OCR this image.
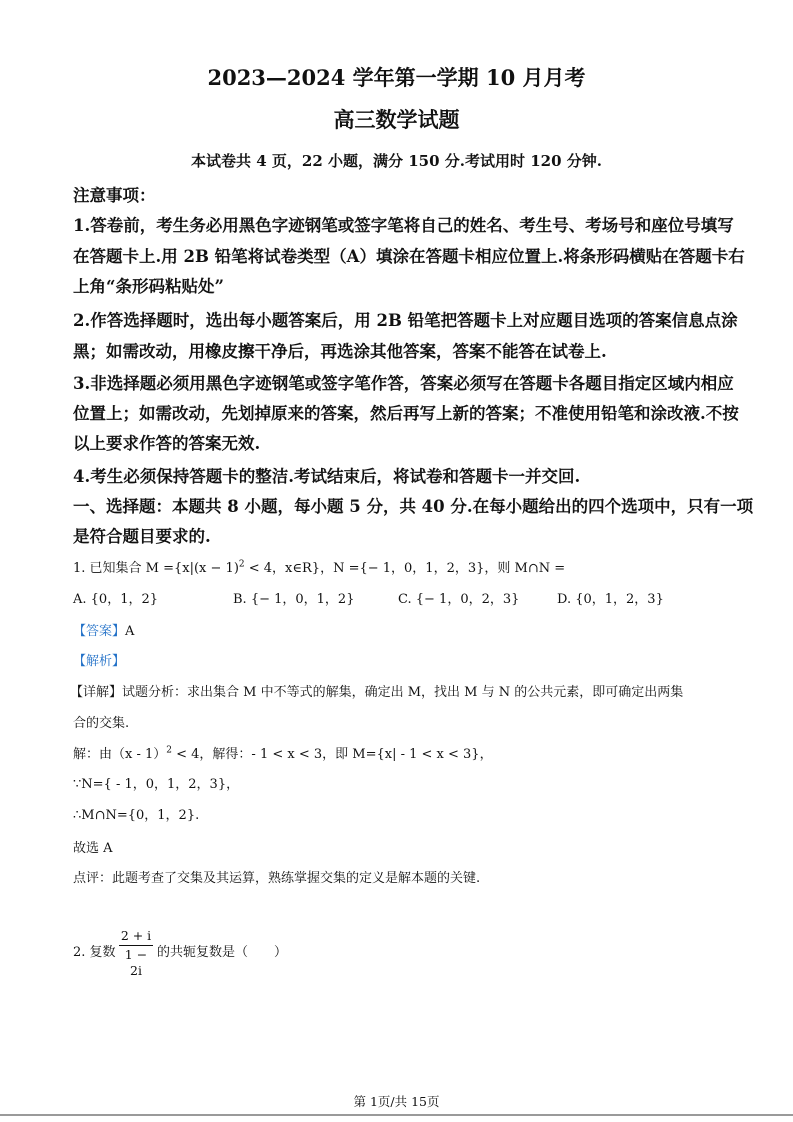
2023—2024 学年第一学期 10 月月考
高三数学试题
本试卷共 4 页，22 小题，满分 150 分.考试用时 120 分钟.
注意事项：
1.答卷前，考生务必用黑色字迹钢笔或签字笔将自己的姓名、考生号、考场号和座位号填写
在答题卡上.用 2B 铅笔将试卷类型（A）填涂在答题卡相应位置上.将条形码横贴在答题卡右
上角“条形码粘贴处”
2.作答选择题时，选出每小题答案后，用 2B 铅笔把答题卡上对应题目选项的答案信息点涂
黑；如需改动，用橡皮擦干净后，再选涂其他答案，答案不能答在试卷上.
3.非选择题必须用黑色字迹钢笔或签字笔作答，答案必须写在答题卡各题目指定区域内相应
位置上；如需改动，先划掉原来的答案，然后再写上新的答案；不准使用铅笔和涂改液.不按
以上要求作答的答案无效.
4.考生必须保持答题卡的整洁.考试结束后，将试卷和答题卡一并交回.
一、选择题：本题共 8 小题，每小题 5 分，共 40 分.在每小题给出的四个选项中，只有一项
是符合题目要求的.
1. 已知集合 $M =\{x|(x - 1)^2 < 4$，x∈R}，N ={− 1，0，1，2，3}，则 M∩N =
A. {0，1，2}	B. {− 1，0，1，2}	C. {− 1，0，2，3}	D. {0，1，2，3}
【答案】A
【解析】
【详解】试题分析：求出集合 M 中不等式的解集，确定出 M，找出 M 与 N 的公共元素，即可确定出两集
合的交集.
解：由（x - 1）$^2$ < 4，解得：- 1 < x < 3，即 M={x| - 1 < x < 3}，
∵N={ - 1，0，1，2，3}，
∴M∩N={0，1，2}.
故选 A
点评：此题考查了交集及其运算，熟练掌握交集的定义是解本题的关键.
2. 复数
2 + i
1 − 2i
的共轭复数是（　　）
第 1页/共 15页
